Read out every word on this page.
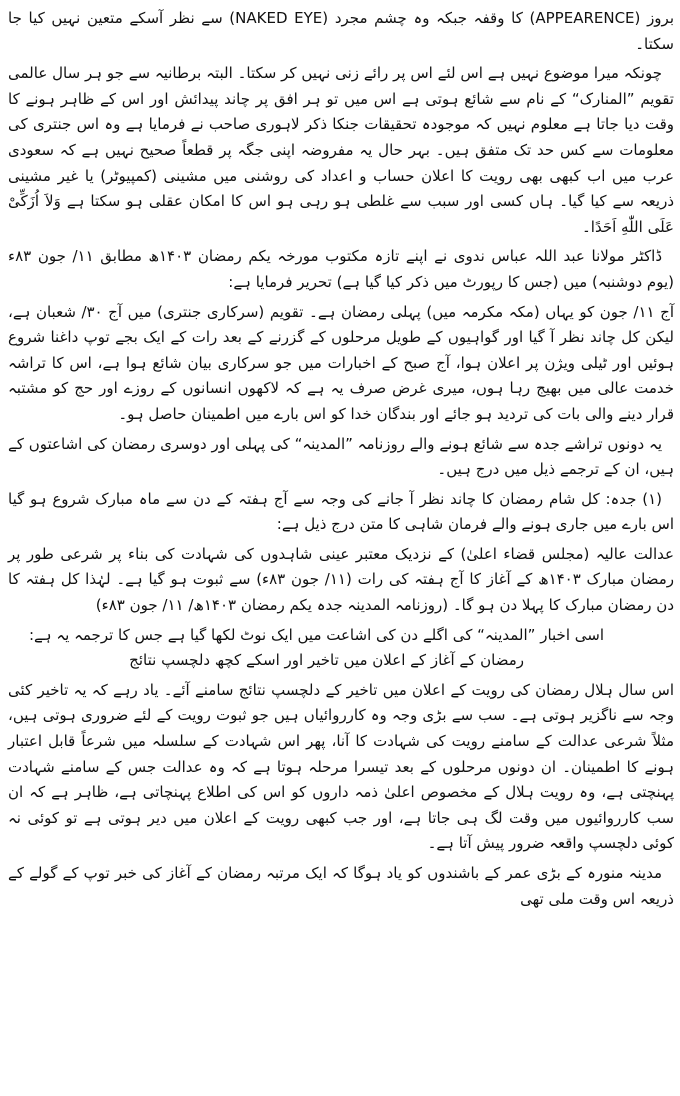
بروز (APPEARENCE) کا وقفہ جبکہ وہ چشم مجرد (NAKED EYE) سے نظر آسکے متعین نہیں کیا جا سکتا۔

چونکہ میرا موضوع نہیں ہے اس لئے اس پر رائے زنی نہیں کر سکتا۔ البتہ برطانیہ سے جو ہر سال عالمی تقویم ”المنارک“ کے نام سے شائع ہوتی ہے اس میں تو ہر افق پر چاند پیدائش اور اس کے ظاہر ہونے کا وقت دیا جاتا ہے معلوم نہیں کہ موجودہ تحقیقات جنکا ذکر لاہوری صاحب نے فرمایا ہے وہ اس جنتری کی معلومات سے کس حد تک متفق ہیں۔ بہر حال یہ مفروضہ اپنی جگہ پر قطعاً صحیح نہیں ہے کہ سعودی عرب میں اب کبھی بھی رویت کا اعلان حساب و اعداد کی روشنی میں مشینی (کمپیوٹر) یا غیر مشینی ذریعہ سے کیا گیا۔ ہاں کسی اور سبب سے غلطی ہو رہی ہو اس کا امکان عقلی ہو سکتا ہے وَلاَ اُزَكِّیْ عَلَی اللّٰهِ اَحَدًا۔

ڈاکٹر مولانا عبد اللہ عباس ندوی نے اپنے تازہ مکتوب مورخہ یکم رمضان ۱۴۰۳ھ مطابق ۱۱/ جون ۸۳ء (یوم دوشنبہ) میں (جس کا رپورٹ میں ذکر کیا گیا ہے) تحریر فرمایا ہے:

آج ۱۱/ جون کو یہاں (مکہ مکرمہ میں) پہلی رمضان ہے۔ تقویم (سرکاری جنتری) میں آج ۳۰/ شعبان ہے، لیکن کل چاند نظر آ گیا اور گواہیوں کے طویل مرحلوں کے گزرنے کے بعد رات کے ایک بجے توپ داغنا شروع ہوئیں اور ٹیلی ویژن پر اعلان ہوا، آج صبح کے اخبارات میں جو سرکاری بیان شائع ہوا ہے، اس کا تراشہ خدمت عالی میں بھیج رہا ہوں، میری غرض صرف یہ ہے کہ لاکھوں انسانوں کے روزے اور حج کو مشتبہ قرار دینے والی بات کی تردید ہو جائے اور بندگان خدا کو اس بارے میں اطمینان حاصل ہو۔

یہ دونوں تراشے جدہ سے شائع ہونے والے روزنامہ ”المدینہ“ کی پہلی اور دوسری رمضان کی اشاعتوں کے ہیں، ان کے ترجمے ذیل میں درج ہیں۔

(۱) جدہ: کل شام رمضان کا چاند نظر آ جانے کی وجہ سے آج ہفتہ کے دن سے ماہ مبارک شروع ہو گیا اس بارے میں جاری ہونے والے فرمان شاہی کا متن درج ذیل ہے:

عدالت عالیہ (مجلس قضاء اعلیٰ) کے نزدیک معتبر عینی شاہدوں کی شہادت کی بناء پر شرعی طور پر رمضان مبارک ۱۴۰۳ھ کے آغاز کا آج ہفتہ کی رات (۱۱/ جون ۸۳ء) سے ثبوت ہو گیا ہے۔ لہٰذا کل ہفتہ کا دن رمضان مبارک کا پہلا دن ہو گا۔ (روزنامہ المدینہ جدہ یکم رمضان ۱۴۰۳ھ/ ۱۱/ جون ۸۳ء)

اسی اخبار ”المدینہ“ کی اگلے دن کی اشاعت میں ایک نوٹ لکھا گیا ہے جس کا ترجمہ یہ ہے:

رمضان کے آغاز کے اعلان میں تاخیر اور اسکے کچھ دلچسپ نتائج

اس سال ہلال رمضان کی رویت کے اعلان میں تاخیر کے دلچسپ نتائج سامنے آئے۔ یاد رہے کہ یہ تاخیر کئی وجہ سے ناگزیر ہوتی ہے۔ سب سے بڑی وجہ وہ کارروائیاں ہیں جو ثبوت رویت کے لئے ضروری ہوتی ہیں، مثلاً شرعی عدالت کے سامنے رویت کی شہادت کا آنا، پھر اس شہادت کے سلسلہ میں شرعاً قابل اعتبار ہونے کا اطمینان۔ ان دونوں مرحلوں کے بعد تیسرا مرحلہ ہوتا ہے کہ وہ عدالت جس کے سامنے شہادت پہنچتی ہے، وہ رویت ہلال کے مخصوص اعلیٰ ذمہ داروں کو اس کی اطلاع پہنچاتی ہے، ظاہر ہے کہ ان سب کارروائیوں میں وقت لگ ہی جاتا ہے، اور جب کبھی رویت کے اعلان میں دیر ہوتی ہے تو کوئی نہ کوئی دلچسپ واقعہ ضرور پیش آتا ہے۔

مدینہ منورہ کے بڑی عمر کے باشندوں کو یاد ہوگا کہ ایک مرتبہ رمضان کے آغاز کی خبر توپ کے گولے کے ذریعہ اس وقت ملی تھی
